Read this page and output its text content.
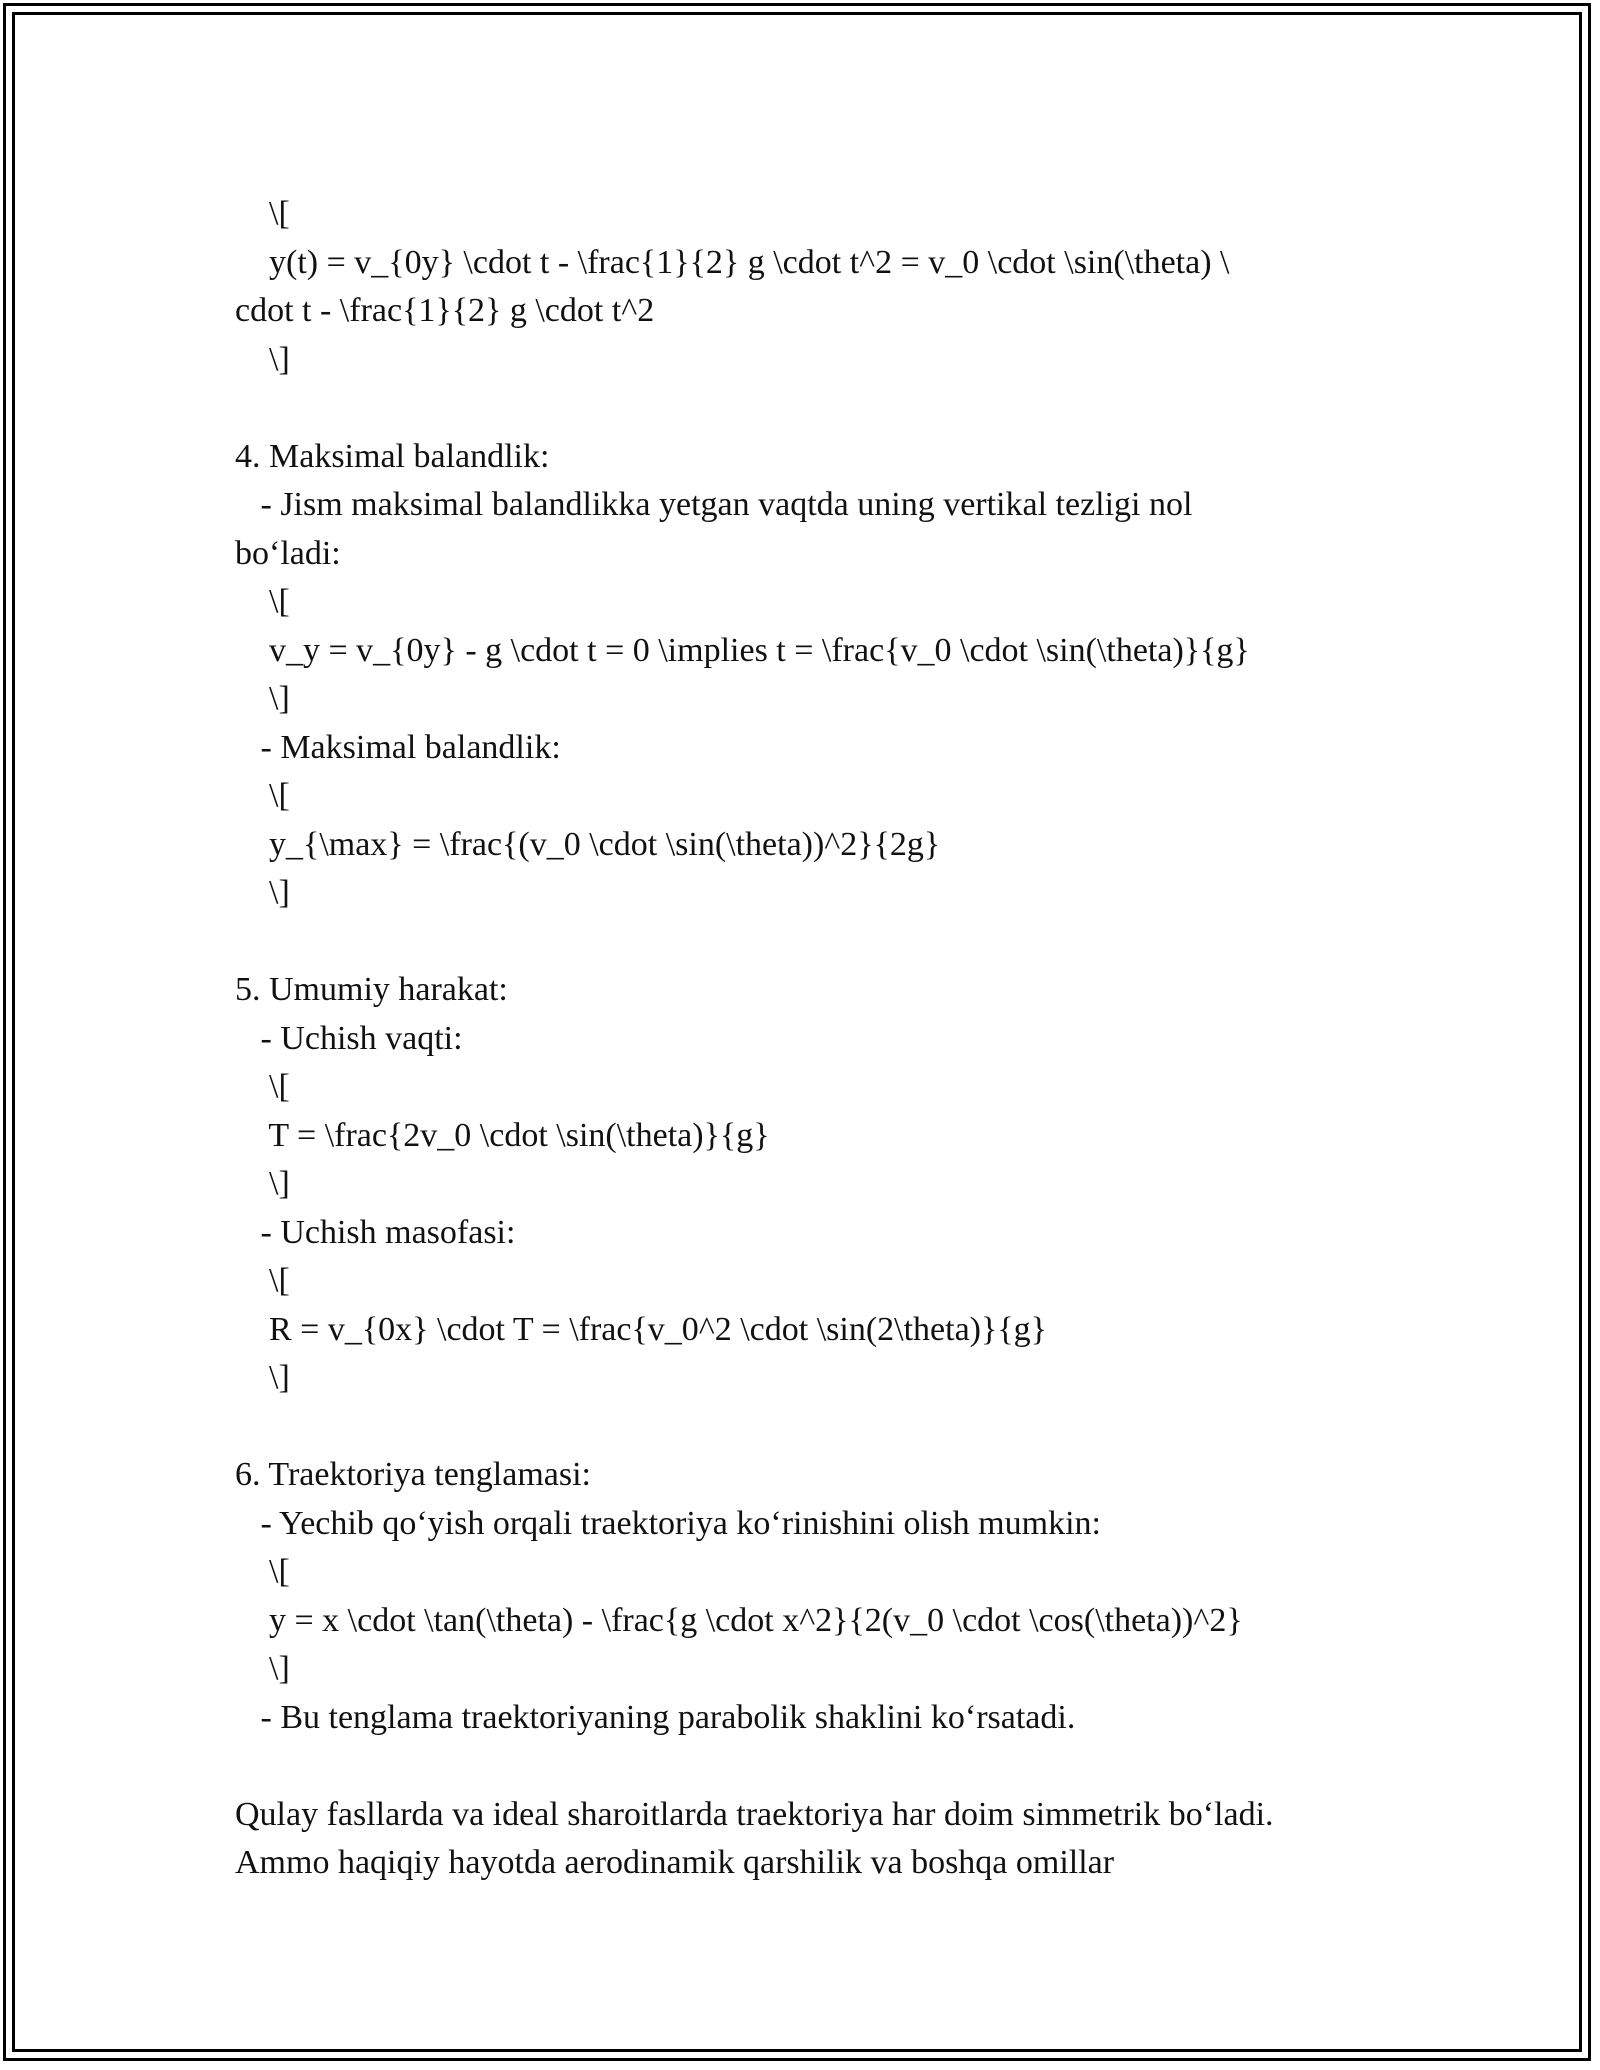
\[
y(t) = v_{0y} \cdot t - \frac{1}{2} g \cdot t^2 = v_0 \cdot \sin(\theta) \
cdot t - \frac{1}{2} g \cdot t^2
\]
4. Maksimal balandlik:
- Jism maksimal balandlikka yetgan vaqtda uning vertikal tezligi nol
bo‘ladi:
\[
v_y = v_{0y} - g \cdot t = 0 \implies t = \frac{v_0 \cdot \sin(\theta)}{g}
\]
- Maksimal balandlik:
\[
y_{\max} = \frac{(v_0 \cdot \sin(\theta))^2}{2g}
\]
5. Umumiy harakat:
- Uchish vaqti:
\[
T = \frac{2v_0 \cdot \sin(\theta)}{g}
\]
- Uchish masofasi:
\[
R = v_{0x} \cdot T = \frac{v_0^2 \cdot \sin(2\theta)}{g}
\]
6. Traektoriya tenglamasi:
- Yechib qo‘yish orqali traektoriya ko‘rinishini olish mumkin:
\[
y = x \cdot \tan(\theta) - \frac{g \cdot x^2}{2(v_0 \cdot \cos(\theta))^2}
\]
- Bu tenglama traektoriyaning parabolik shaklini ko‘rsatadi.
Qulay fasllarda va ideal sharoitlarda traektoriya har doim simmetrik bo‘ladi.
Ammo haqiqiy hayotda aerodinamik qarshilik va boshqa omillar
